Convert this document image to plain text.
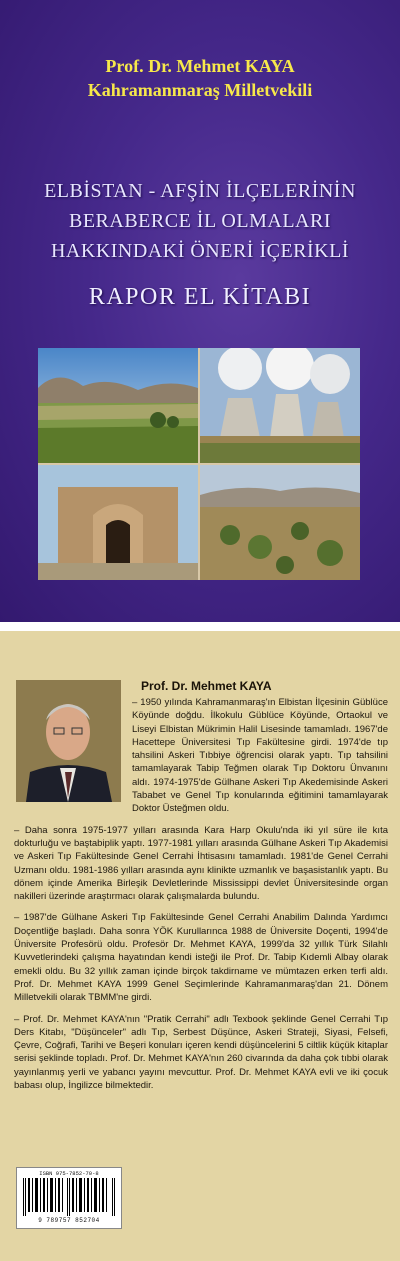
Prof. Dr. Mehmet KAYA
Kahramanmaraş Milletvekili
ELBİSTAN - AFŞİN İLÇELERİNİN
BERABERCE İL OLMALARI
HAKKINDAKİ ÖNERİ İÇERİKLİ
RAPOR EL KİTABI
Prof. Dr. Mehmet KAYA

– 1950 yılında Kahramanmaraş'ın Elbistan İlçesinin Güblüce Köyünde doğdu. İlkokulu Güblüce Köyünde, Ortaokul ve Liseyi Elbistan Mükrimin Halil Lisesinde tamamladı. 1967'de Hacettepe Üniversitesi Tıp Fakültesine girdi. 1974'de tıp tahsilini Askeri Tıbbiye öğrencisi olarak yaptı. Tıp tahsilini tamamlayarak Tabip Teğmen olarak Tıp Doktoru Ünvanını aldı. 1974-1975'de Gülhane Askeri Tıp Akedemisinde Askeri Tababet ve Genel Tıp konularında eğitimini tamamlayarak Doktor Üsteğmen oldu.

– Daha sonra 1975-1977 yılları arasında Kara Harp Okulu'nda iki yıl süre ile kıta dokturluğu ve baştabiplik yaptı. 1977-1981 yılları arasında Gülhane Askeri Tıp Akademisi ve Askeri Tıp Fakültesinde Genel Cerrahi İhtisasını tamamladı. 1981'de Genel Cerrahi Uzmanı oldu. 1981-1986 yılları arasında aynı klinikte uzmanlık ve başasistanlık yaptı. Bu dönem içinde Amerika Birleşik Devletlerinde Mississippi devlet Üniversitesinde organ nakilleri üzerinde araştırmacı olarak çalışmalarda bulundu.

– 1987'de Gülhane Askeri Tıp Fakültesinde Genel Cerrahi Anabilim Dalında Yardımcı Doçentliğe başladı. Daha sonra YÖK Kurullarınca 1988 de Üniversite Doçenti, 1994'de Üniversite Profesörü oldu. Profesör Dr. Mehmet KAYA, 1999'da 32 yıllık Türk Silahlı Kuvvetlerindeki çalışma hayatından kendi isteği ile Prof. Dr. Tabip Kıdemli Albay olarak emekli oldu. Bu 32 yıllık zaman içinde birçok takdirname ve mümtazen erken terfi aldı. Prof. Dr. Mehmet KAYA 1999 Genel Seçimlerinde Kahramanmaraş'dan 21. Dönem Milletvekili olarak TBMM'ne girdi.

– Prof. Dr. Mehmet KAYA'nın "Pratik Cerrahi" adlı Texbook şeklinde Genel Cerrahi Tıp Ders Kitabı, "Düşünceler" adlı Tıp, Serbest Düşünce, Askeri Strateji, Siyasi, Felsefi, Çevre, Coğrafi, Tarihi ve Beşeri konuları içeren kendi düşüncelerini 5 ciltlik küçük kitaplar serisi şeklinde topladı. Prof. Dr. Mehmet KAYA'nın 260 civarında da daha çok tıbbi olarak yayınlanmış yerli ve yabancı yayını mevcuttur. Prof. Dr. Mehmet KAYA evli ve iki çocuk babası olup, İngilizce bilmektedir.

ISBN 975-7852-70-8
9 789757 852704
